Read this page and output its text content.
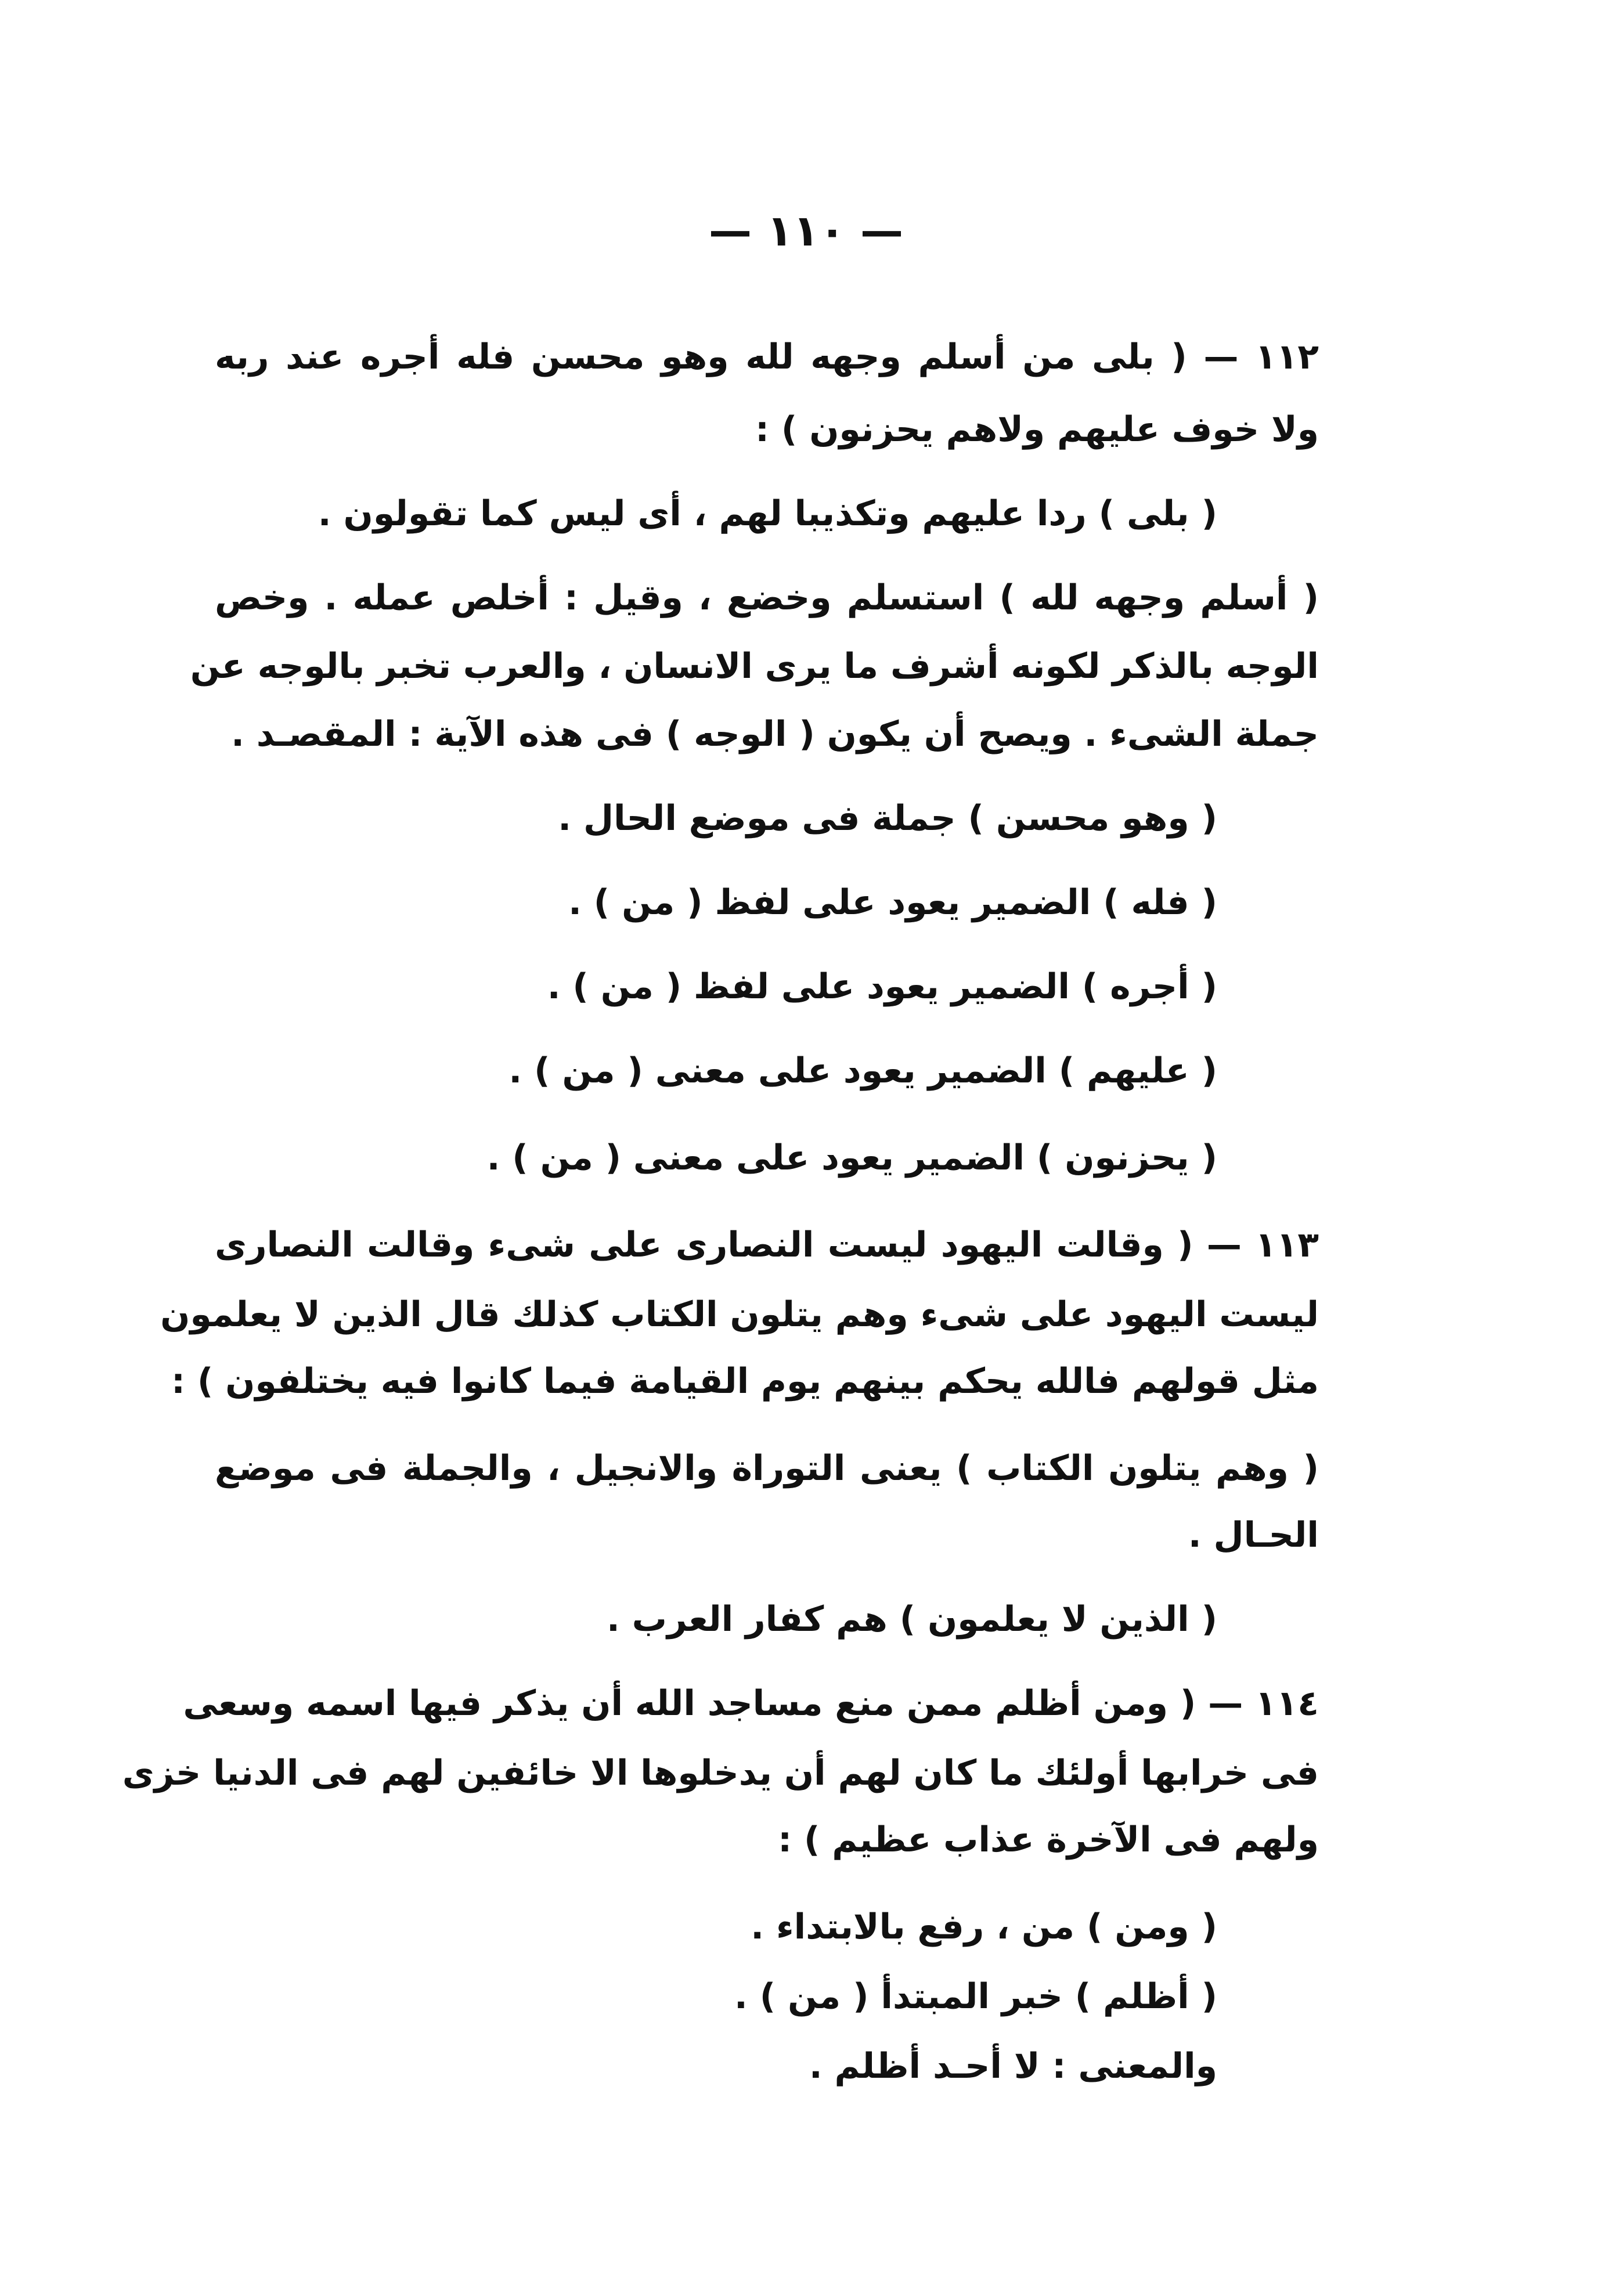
— ١١٠ —
١١٢ — ( بلى من أسلم وجهه لله وهو محسن فله أجره عند ربه
ولا خوف عليهم ولاهم يحزنون ) :
( بلى ) ردا عليهم وتكذيبا لهم ، أى ليس كما تقولون .
( أسلم وجهه لله ) استسلم وخضع ، وقيل : أخلص عمله . وخص
الوجه بالذكر لكونه أشرف ما يرى الانسان ، والعرب تخبر بالوجه عن
جملة الشىء . ويصح أن يكون ( الوجه ) فى هذه الآية : المقصـد .
( وهو محسن ) جملة فى موضع الحال .
( فله ) الضمير يعود على لفظ ( من ) .
( أجره ) الضمير يعود على لفظ ( من ) .
( عليهم ) الضمير يعود على معنى ( من ) .
( يحزنون ) الضمير يعود على معنى ( من ) .
١١٣ — ( وقالت اليهود ليست النصارى على شىء وقالت النصارى
ليست اليهود على شىء وهم يتلون الكتاب كذلك قال الذين لا يعلمون
مثل قولهم فالله يحكم بينهم يوم القيامة فيما كانوا فيه يختلفون ) :
( وهم يتلون الكتاب ) يعنى التوراة والانجيل ، والجملة فى موضع
الحـال .
( الذين لا يعلمون ) هم كفار العرب .
١١٤ — ( ومن أظلم ممن منع مساجد الله أن يذكر فيها اسمه وسعى
فى خرابها أولئك ما كان لهم أن يدخلوها الا خائفين لهم فى الدنيا خزى
ولهم فى الآخرة عذاب عظيم ) :
( ومن ) من ، رفع بالابتداء .
( أظلم ) خبر المبتدأ ( من ) .
والمعنى : لا أحـد أظلم .
